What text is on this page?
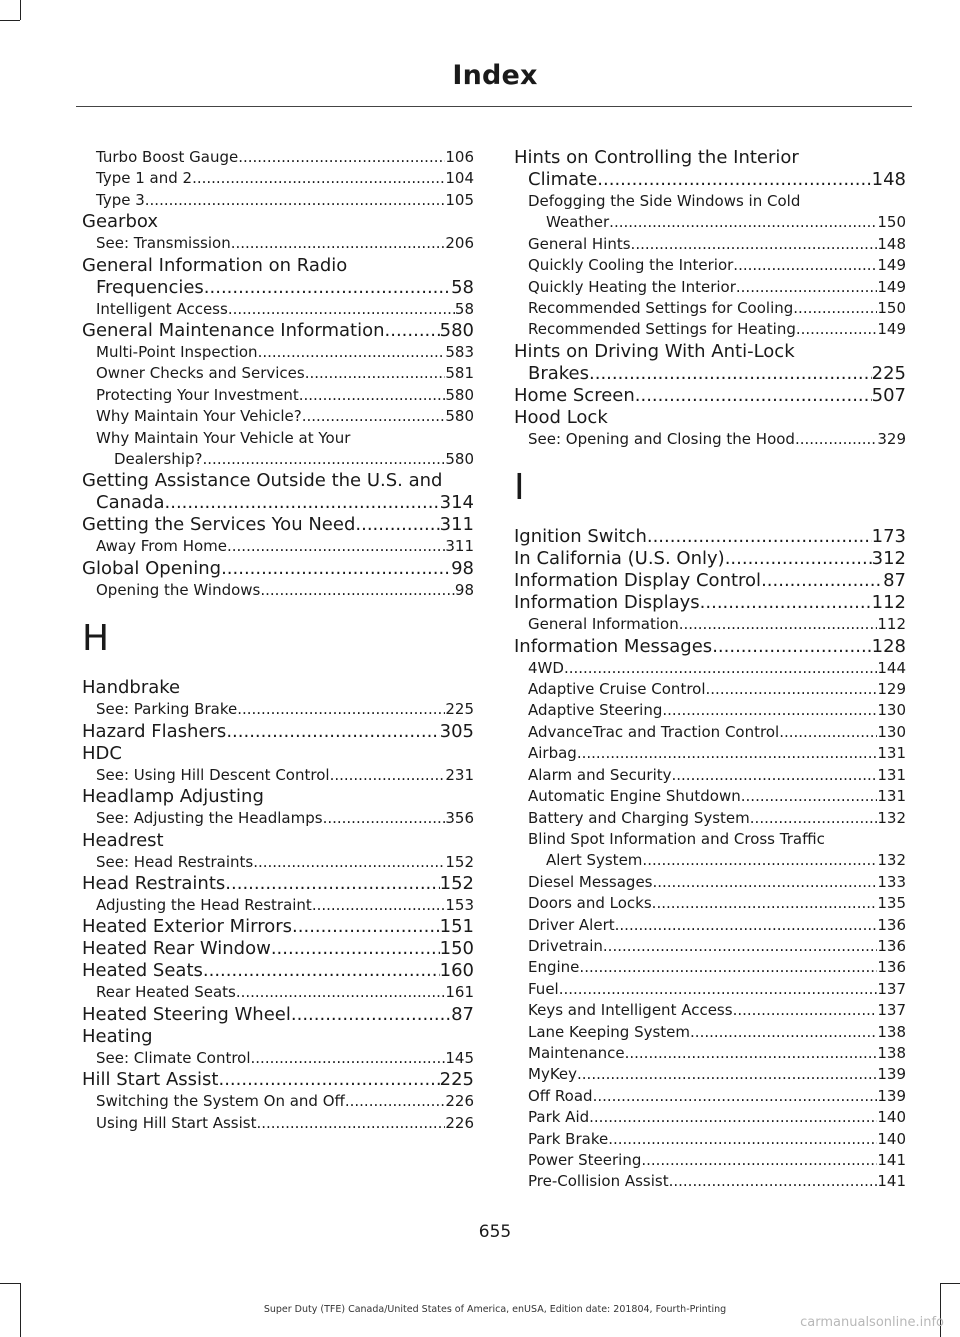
Index
Turbo Boost Gauge .....	106
Type 1 and 2 .....	104
Type 3 .....	105
Gearbox
See: Transmission .....	206
General Information on Radio
Frequencies .....	58
Intelligent Access .....	58
General Maintenance Information .....	580
Multi-Point Inspection .....	583
Owner Checks and Services .....	581
Protecting Your Investment .....	580
Why Maintain Your Vehicle? .....	580
Why Maintain Your Vehicle at Your
Dealership? .....	580
Getting Assistance Outside the U.S. and
Canada .....	314
Getting the Services You Need .....	311
Away From Home .....	311
Global Opening .....	98
Opening the Windows .....	98
H
Handbrake
See: Parking Brake .....	225
Hazard Flashers .....	305
HDC
See: Using Hill Descent Control .....	231
Headlamp Adjusting
See: Adjusting the Headlamps .....	356
Headrest
See: Head Restraints .....	152
Head Restraints .....	152
Adjusting the Head Restraint .....	153
Heated Exterior Mirrors .....	151
Heated Rear Window .....	150
Heated Seats .....	160
Rear Heated Seats .....	161
Heated Steering Wheel .....	87
Heating
See: Climate Control .....	145
Hill Start Assist .....	225
Switching the System On and Off .....	226
Using Hill Start Assist .....	226
Hints on Controlling the Interior
Climate .....	148
Defogging the Side Windows in Cold
Weather .....	150
General Hints .....	148
Quickly Cooling the Interior .....	149
Quickly Heating the Interior .....	149
Recommended Settings for Cooling .....	150
Recommended Settings for Heating .....	149
Hints on Driving With Anti-Lock
Brakes .....	225
Home Screen .....	507
Hood Lock
See: Opening and Closing the Hood .....	329
I
Ignition Switch .....	173
In California (U.S. Only) .....	312
Information Display Control .....	87
Information Displays .....	112
General Information .....	112
Information Messages .....	128
4WD .....	144
Adaptive Cruise Control .....	129
Adaptive Steering .....	130
AdvanceTrac and Traction Control .....	130
Airbag .....	131
Alarm and Security .....	131
Automatic Engine Shutdown .....	131
Battery and Charging System .....	132
Blind Spot Information and Cross Traffic
Alert System .....	132
Diesel Messages .....	133
Doors and Locks .....	135
Driver Alert .....	136
Drivetrain .....	136
Engine .....	136
Fuel .....	137
Keys and Intelligent Access .....	137
Lane Keeping System .....	138
Maintenance .....	138
MyKey .....	139
Off Road .....	139
Park Aid .....	140
Park Brake .....	140
Power Steering .....	141
Pre-Collision Assist .....	141
655
Super Duty (TFE) Canada/United States of America, enUSA, Edition date: 201804, Fourth-Printing
carmanualsonline.info
